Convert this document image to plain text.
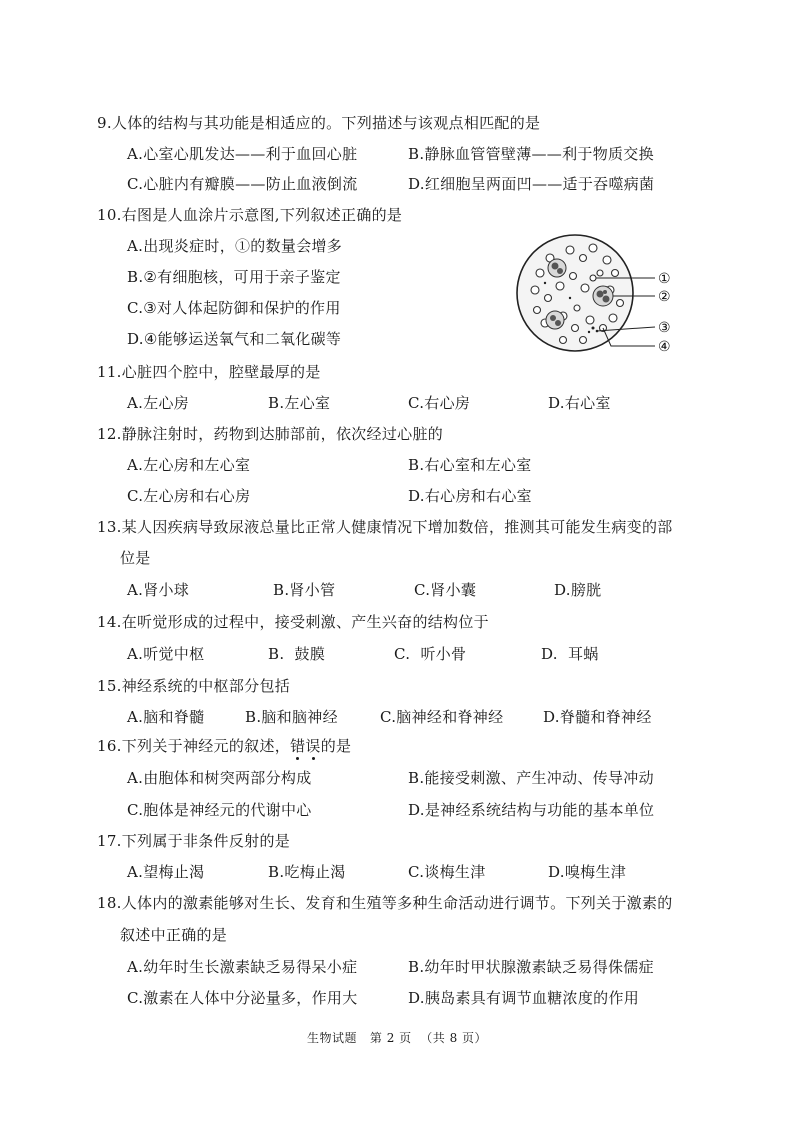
9.人体的结构与其功能是相适应的。下列描述与该观点相匹配的是
A.心室心肌发达——利于血回心脏	B.静脉血管管壁薄——利于物质交换
C.心脏内有瓣膜——防止血液倒流	D.红细胞呈两面凹——适于吞噬病菌
10.右图是人血涂片示意图,下列叙述正确的是
A.出现炎症时，①的数量会增多
B.②有细胞核，可用于亲子鉴定
C.③对人体起防御和保护的作用
D.④能够运送氧气和二氧化碳等
①
②
③
④
11.心脏四个腔中，腔壁最厚的是
A.左心房	B.左心室	C.右心房	D.右心室
12.静脉注射时，药物到达肺部前，依次经过心脏的
A.左心房和左心室	B.右心室和左心室
C.左心房和右心房	D.右心房和右心室
13.某人因疾病导致尿液总量比正常人健康情况下增加数倍，推测其可能发生病变的部
位是
A.肾小球	B.肾小管	C.肾小囊	D.膀胱
14.在听觉形成的过程中，接受刺激、产生兴奋的结构位于
A.听觉中枢	B.  鼓膜	C.  听小骨	D.  耳蜗
15.神经系统的中枢部分包括
A.脑和脊髓	B.脑和脑神经	C.脑神经和脊神经	D.脊髓和脊神经
16.下列关于神经元的叙述，错误的是
A.由胞体和树突两部分构成	B.能接受刺激、产生冲动、传导冲动
C.胞体是神经元的代谢中心	D.是神经系统结构与功能的基本单位
17.下列属于非条件反射的是
A.望梅止渴	B.吃梅止渴	C.谈梅生津	D.嗅梅生津
18.人体内的激素能够对生长、发育和生殖等多种生命活动进行调节。下列关于激素的
叙述中正确的是
A.幼年时生长激素缺乏易得呆小症	B.幼年时甲状腺激素缺乏易得侏儒症
C.激素在人体中分泌量多，作用大	D.胰岛素具有调节血糖浓度的作用
生物试题   第 2 页  （共 8 页）
